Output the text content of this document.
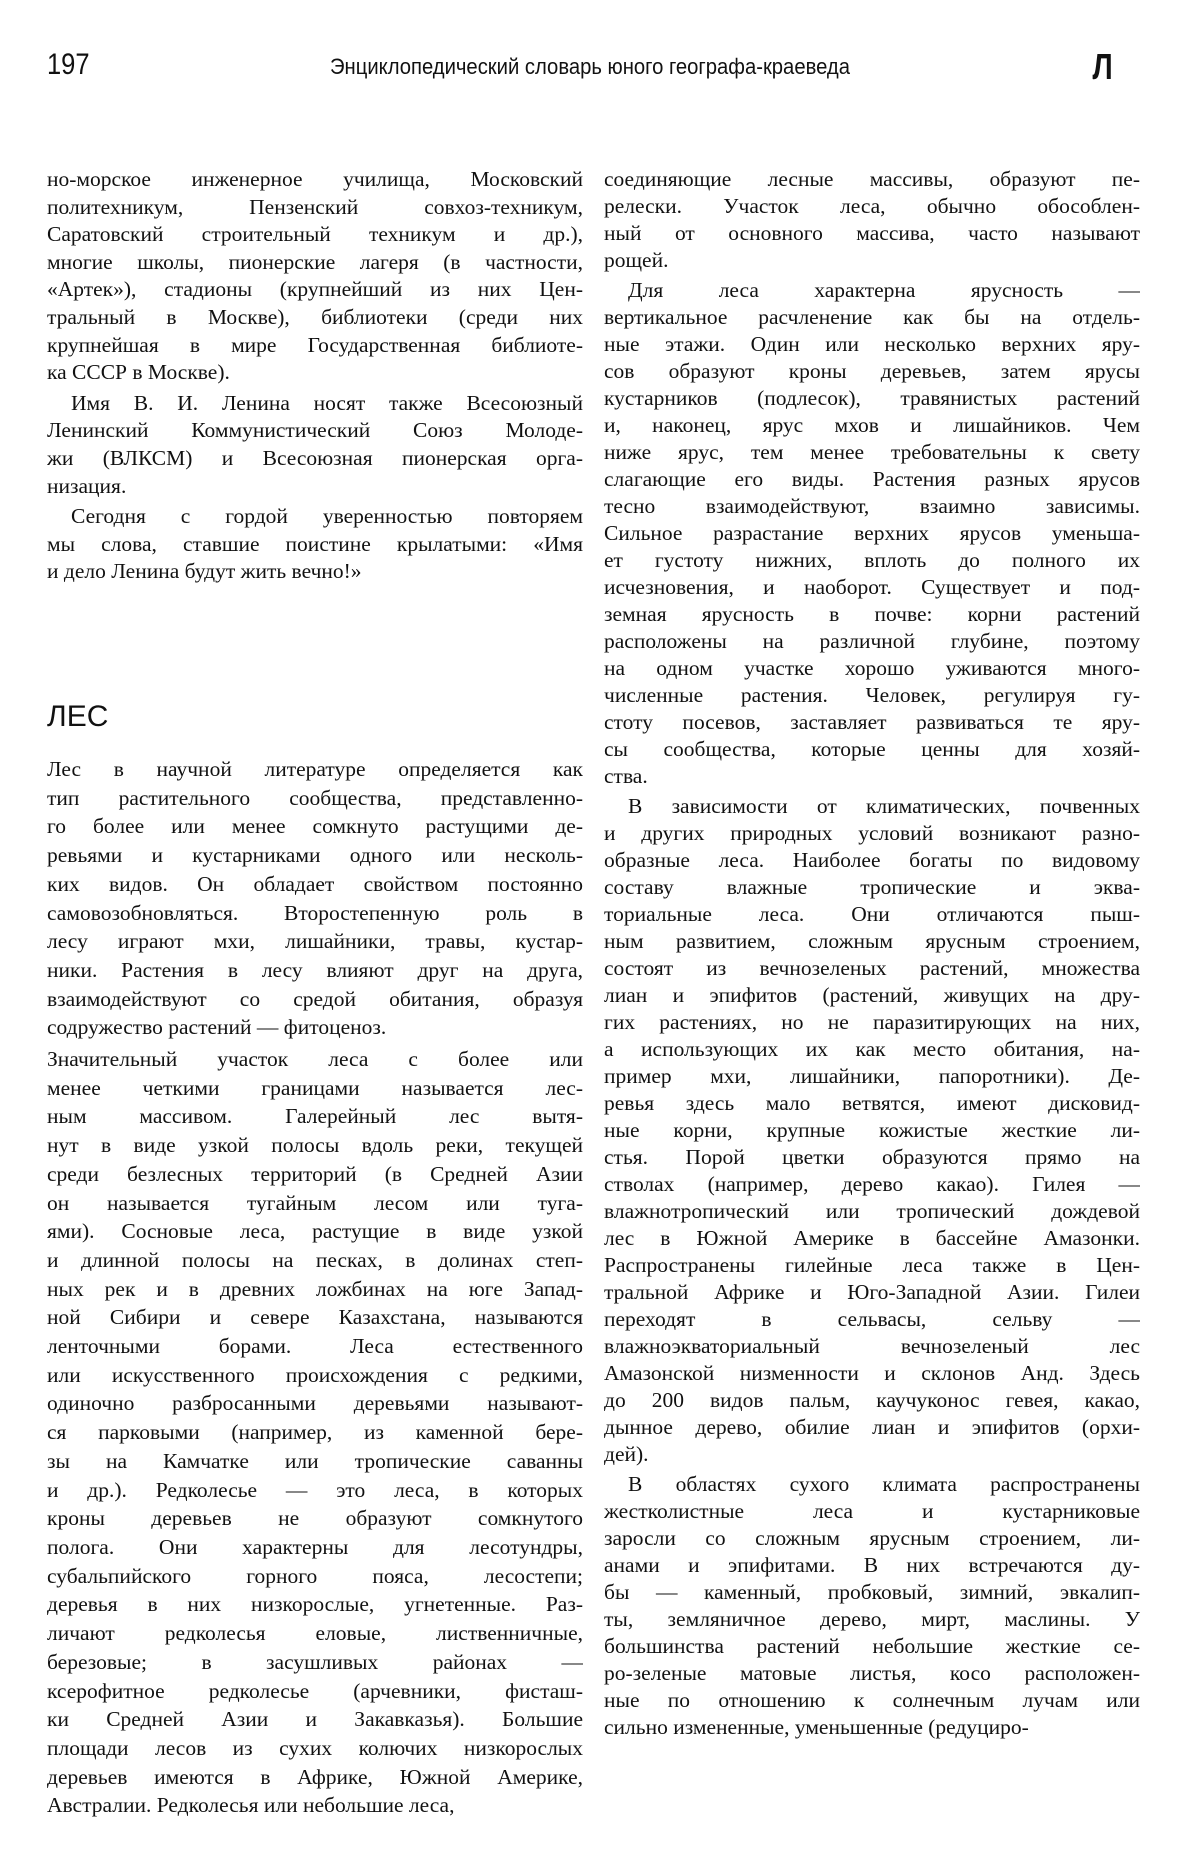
197	Энциклопедический словарь юного географа-краеведа	Л
но-морское инженерное училища, Московский
политехникум, Пензенский совхоз-техникум,
Саратовский строительный техникум и др.),
многие школы, пионерские лагеря (в частности,
«Артек»), стадионы (крупнейший из них Цен-
тральный в Москве), библиотеки (среди них
крупнейшая в мире Государственная библиоте-
ка СССР в Москве).
Имя В. И. Ленина носят также Всесоюзный
Ленинский Коммунистический Союз Молоде-
жи (ВЛКСМ) и Всесоюзная пионерская орга-
низация.
Сегодня с гордой уверенностью повторяем
мы слова, ставшие поистине крылатыми: «Имя
и дело Ленина будут жить вечно!»
ЛЕС
Лес в научной литературе определяется как
тип растительного сообщества, представленно-
го более или менее сомкнуто растущими де-
ревьями и кустарниками одного или несколь-
ких видов. Он обладает свойством постоянно
самовозобновляться. Второстепенную роль в
лесу играют мхи, лишайники, травы, кустар-
ники. Растения в лесу влияют друг на друга,
взаимодействуют со средой обитания, образуя
содружество растений — фитоценоз.
Значительный участок леса с более или
менее четкими границами называется лес-
ным массивом. Галерейный лес вытя-
нут в виде узкой полосы вдоль реки, текущей
среди безлесных территорий (в Средней Азии
он называется тугайным лесом или туга-
ями). Сосновые леса, растущие в виде узкой
и длинной полосы на песках, в долинах степ-
ных рек и в древних ложбинах на юге Запад-
ной Сибири и севере Казахстана, называются
ленточными борами. Леса естественного
или искусственного происхождения с редкими,
одиночно разбросанными деревьями называют-
ся парковыми (например, из каменной бере-
зы на Камчатке или тропические саванны
и др.). Редколесье — это леса, в которых
кроны деревьев не образуют сомкнутого
полога. Они характерны для лесотундры,
субальпийского горного пояса, лесостепи;
деревья в них низкорослые, угнетенные. Раз-
личают редколесья еловые, лиственничные,
березовые; в засушливых районах —
ксерофитное редколесье (арчевники, фисташ-
ки Средней Азии и Закавказья). Большие
площади лесов из сухих колючих низкорослых
деревьев имеются в Африке, Южной Америке,
Австралии. Редколесья или небольшие леса,
соединяющие лесные массивы, образуют пе-
релески. Участок леса, обычно обособлен-
ный от основного массива, часто называют
рощей.
Для леса характерна ярусность —
вертикальное расчленение как бы на отдель-
ные этажи. Один или несколько верхних яру-
сов образуют кроны деревьев, затем ярусы
кустарников (подлесок), травянистых растений
и, наконец, ярус мхов и лишайников. Чем
ниже ярус, тем менее требовательны к свету
слагающие его виды. Растения разных ярусов
тесно взаимодействуют, взаимно зависимы.
Сильное разрастание верхних ярусов уменьша-
ет густоту нижних, вплоть до полного их
исчезновения, и наоборот. Существует и под-
земная ярусность в почве: корни растений
расположены на различной глубине, поэтому
на одном участке хорошо уживаются много-
численные растения. Человек, регулируя гу-
стоту посевов, заставляет развиваться те яру-
сы сообщества, которые ценны для хозяй-
ства.
В зависимости от климатических, почвенных
и других природных условий возникают разно-
образные леса. Наиболее богаты по видовому
составу влажные тропические и эква-
ториальные леса. Они отличаются пыш-
ным развитием, сложным ярусным строением,
состоят из вечнозеленых растений, множества
лиан и эпифитов (растений, живущих на дру-
гих растениях, но не паразитирующих на них,
а использующих их как место обитания, на-
пример мхи, лишайники, папоротники). Де-
ревья здесь мало ветвятся, имеют дисковид-
ные корни, крупные кожистые жесткие ли-
стья. Порой цветки образуются прямо на
стволах (например, дерево какао). Гилея —
влажнотропический или тропический дождевой
лес в Южной Америке в бассейне Амазонки.
Распространены гилейные леса также в Цен-
тральной Африке и Юго-Западной Азии. Гилеи
переходят в сельвасы, сельву —
влажноэкваториальный вечнозеленый лес
Амазонской низменности и склонов Анд. Здесь
до 200 видов пальм, каучуконос гевея, какао,
дынное дерево, обилие лиан и эпифитов (орхи-
дей).
В областях сухого климата распространены
жестколистные леса и кустарниковые
заросли со сложным ярусным строением, ли-
анами и эпифитами. В них встречаются ду-
бы — каменный, пробковый, зимний, эвкалип-
ты, земляничное дерево, мирт, маслины. У
большинства растений небольшие жесткие се-
ро-зеленые матовые листья, косо расположен-
ные по отношению к солнечным лучам или
сильно измененные, уменьшенные (редуциро-
